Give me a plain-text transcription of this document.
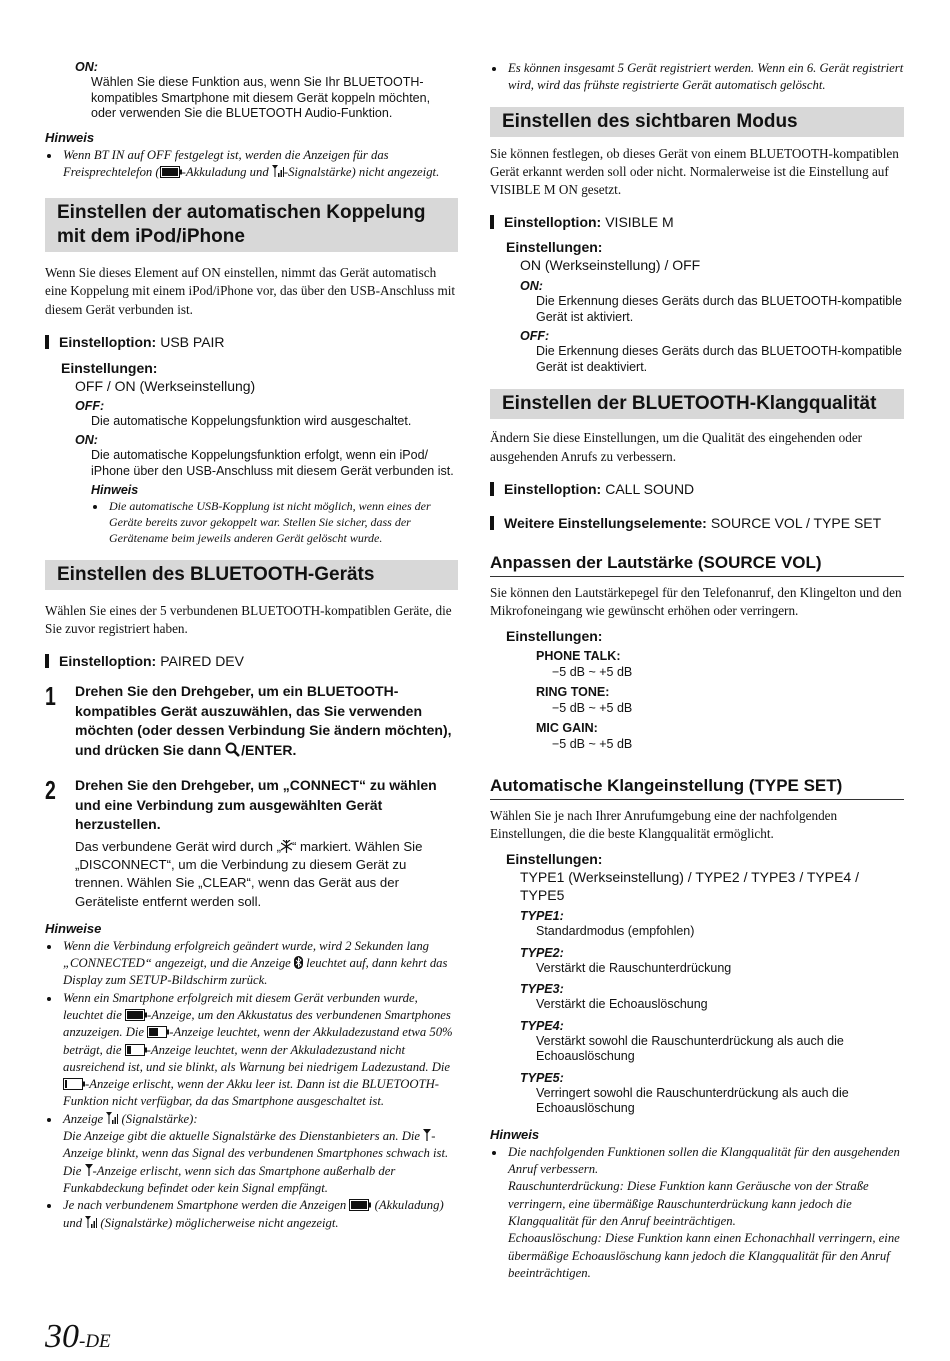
ON:

Wählen Sie diese Funktion aus, wenn Sie Ihr BLUETOOTH-kompatibles Smartphone mit diesem Gerät koppeln möchten, oder verwenden Sie die BLUETOOTH Audio-Funktion.

Hinweis

• Wenn BT IN auf OFF festgelegt ist, werden die Anzeigen für das Freisprechtelefon ( -Akkuladung und -Signalstärke) nicht angezeigt.
Einstellen der automatischen Koppelung
mit dem iPod/iPhone

Wenn Sie dieses Element auf ON einstellen, nimmt das Gerät automatisch eine Koppelung mit einem iPod/iPhone vor, das über den USB-Anschluss mit diesem Gerät verbunden ist.

Einstelloption: USB PAIR

Einstellungen:

OFF / ON (Werkseinstellung)

OFF:

Die automatische Koppelungsfunktion wird ausgeschaltet.

ON:

Die automatische Koppelungsfunktion erfolgt, wenn ein iPod/ iPhone über den USB-Anschluss mit diesem Gerät verbunden ist.

Hinweis

• Die automatische USB-Kopplung ist nicht möglich, wenn eines der Geräte bereits zuvor gekoppelt war. Stellen Sie sicher, dass der Gerätename beim jeweils anderen Gerät gelöscht wurde.
Einstellen des BLUETOOTH-Geräts

Wählen Sie eines der 5 verbundenen BLUETOOTH-kompatiblen Geräte, die Sie zuvor registriert haben.

Einstelloption: PAIRED DEV

1	Drehen Sie den Drehgeber, um ein BLUETOOTH-kompatibles Gerät auszuwählen, das Sie verwenden möchten (oder dessen Verbindung Sie ändern möchten), und drücken Sie dann /ENTER.
2	Drehen Sie den Drehgeber, um „CONNECT“ zu wählen und eine Verbindung zum ausgewählten Gerät herzustellen.

Das verbundene Gerät wird durch „ “ markiert. Wählen Sie „DISCONNECT“, um die Verbindung zu diesem Gerät zu trennen. Wählen Sie „CLEAR“, wenn das Gerät aus der Geräteliste entfernt werden soll.

Hinweise

• Wenn die Verbindung erfolgreich geändert wurde, wird 2 Sekunden lang „CONNECTED“ angezeigt, und die Anzeige  leuchtet auf, dann kehrt das Display zum SETUP-Bildschirm zurück.
• Wenn ein Smartphone erfolgreich mit diesem Gerät verbunden wurde, leuchtet die -Anzeige, um den Akkustatus des verbundenen Smartphones anzuzeigen. Die -Anzeige leuchtet, wenn der Akkuladezustand etwa 50% beträgt, die -Anzeige leuchtet, wenn der Akkuladezustand nicht ausreichend ist, und sie blinkt, als Warnung bei niedrigem Ladezustand. Die -Anzeige erlischt, wenn der Akku leer ist. Dann ist die BLUETOOTH-Funktion nicht verfügbar, da das Smartphone ausgeschaltet ist.
• Anzeige  (Signalstärke):
Die Anzeige gibt die aktuelle Signalstärke des Dienstanbieters an. Die -Anzeige blinkt, wenn das Signal des verbundenen Smartphones schwach ist. Die -Anzeige erlischt, wenn sich das Smartphone außerhalb der Funkabdeckung befindet oder kein Signal empfängt.
• Je nach verbundenem Smartphone werden die Anzeigen  (Akkuladung) und  (Signalstärke) möglicherweise nicht angezeigt.
• Es können insgesamt 5 Gerät registriert werden. Wenn ein 6. Gerät registriert wird, wird das frühste registrierte Gerät automatisch gelöscht.
Einstellen des sichtbaren Modus

Sie können festlegen, ob dieses Gerät von einem BLUETOOTH-kompatiblen Gerät erkannt werden soll oder nicht. Normalerweise ist die Einstellung auf VISIBLE M ON gesetzt.

Einstelloption: VISIBLE M

Einstellungen:

ON (Werkseinstellung) / OFF

ON:

Die Erkennung dieses Geräts durch das BLUETOOTH-kompatible Gerät ist aktiviert.

OFF:

Die Erkennung dieses Geräts durch das BLUETOOTH-kompatible Gerät ist deaktiviert.

Einstellen der BLUETOOTH-Klangqualität

Ändern Sie diese Einstellungen, um die Qualität des eingehenden oder ausgehenden Anrufs zu verbessern.

Einstelloption: CALL SOUND

Weitere Einstellungselemente: SOURCE VOL / TYPE SET

Anpassen der Lautstärke (SOURCE VOL)

Sie können den Lautstärkepegel für den Telefonanruf, den Klingelton und den Mikrofoneingang wie gewünscht erhöhen oder verringern.

Einstellungen:

PHONE TALK:
−5 dB ~ +5 dB
RING TONE:
−5 dB ~ +5 dB
MIC GAIN:
−5 dB ~ +5 dB
Automatische Klangeinstellung (TYPE SET)

Wählen Sie je nach Ihrer Anrufumgebung eine der nachfolgenden Einstellungen, die die beste Klangqualität ermöglicht.

Einstellungen:

TYPE1 (Werkseinstellung) / TYPE2 / TYPE3 / TYPE4 / TYPE5

TYPE1:

Standardmodus (empfohlen)

TYPE2:

Verstärkt die Rauschunterdrückung

TYPE3:

Verstärkt die Echoauslöschung

TYPE4:

Verstärkt sowohl die Rauschunterdrückung als auch die Echoauslöschung

TYPE5:

Verringert sowohl die Rauschunterdrückung als auch die Echoauslöschung

Hinweis

• Die nachfolgenden Funktionen sollen die Klangqualität für den ausgehenden Anruf verbessern.
Rauschunterdrückung: Diese Funktion kann Geräusche von der Straße verringern, eine übermäßige Rauschunterdrückung kann jedoch die Klangqualität für den Anruf beeinträchtigen.
Echoauslöschung: Diese Funktion kann einen Echonachhall verringern, eine übermäßige Echoauslöschung kann jedoch die Klangqualität für den Anruf beeinträchtigen.
30-DE
